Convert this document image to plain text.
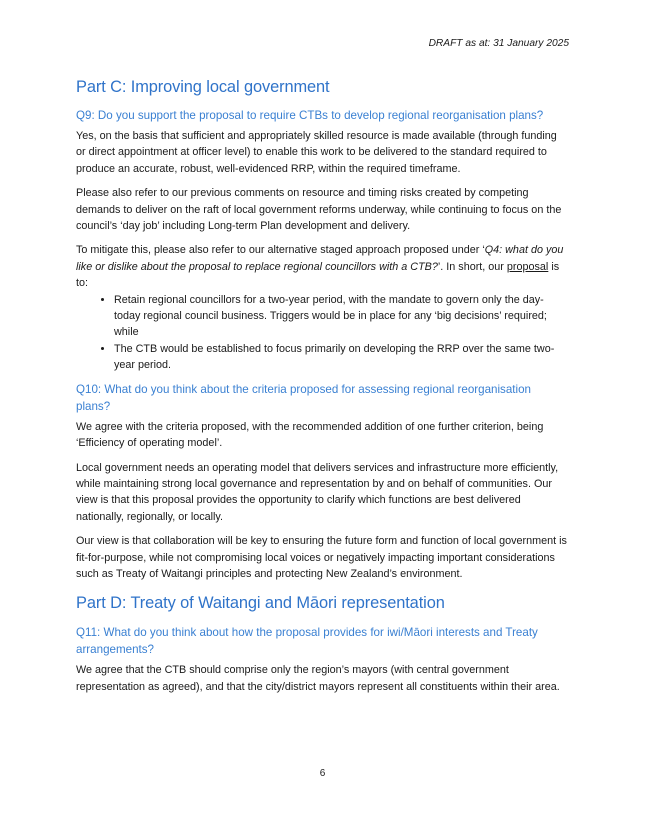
DRAFT as at: 31 January 2025
Part C: Improving local government
Q9: Do you support the proposal to require CTBs to develop regional reorganisation plans?

Yes, on the basis that sufficient and appropriately skilled resource is made available (through funding or direct appointment at officer level) to enable this work to be delivered to the standard required to produce an accurate, robust, well-evidenced RRP, within the required timeframe.

Please also refer to our previous comments on resource and timing risks created by competing demands to deliver on the raft of local government reforms underway, while continuing to focus on the council’s ‘day job’ including Long-term Plan development and delivery.

To mitigate this, please also refer to our alternative staged approach proposed under ‘Q4: what do you like or dislike about the proposal to replace regional councillors with a CTB?’. In short, our proposal is to:

• Retain regional councillors for a two-year period, with the mandate to govern only the day-today regional council business. Triggers would be in place for any ‘big decisions’ required; while
• The CTB would be established to focus primarily on developing the RRP over the same two-year period.
Q10: What do you think about the criteria proposed for assessing regional reorganisation plans?

We agree with the criteria proposed, with the recommended addition of one further criterion, being ‘Efficiency of operating model’.

Local government needs an operating model that delivers services and infrastructure more efficiently, while maintaining strong local governance and representation by and on behalf of communities. Our view is that this proposal provides the opportunity to clarify which functions are best delivered nationally, regionally, or locally.

Our view is that collaboration will be key to ensuring the future form and function of local government is fit-for-purpose, while not compromising local voices or negatively impacting important considerations such as Treaty of Waitangi principles and protecting New Zealand’s environment.

Part D: Treaty of Waitangi and Māori representation
Q11: What do you think about how the proposal provides for iwi/Māori interests and Treaty arrangements?

We agree that the CTB should comprise only the region’s mayors (with central government representation as agreed), and that the city/district mayors represent all constituents within their area.

6
